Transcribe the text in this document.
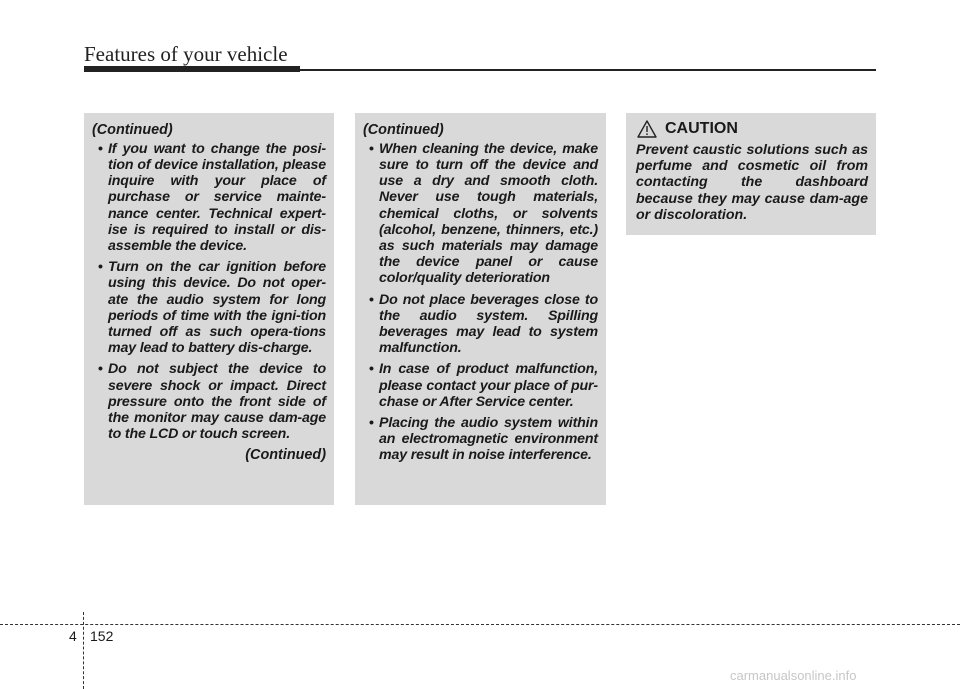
Features of your vehicle

(Continued)

• If you want to change the posi-tion of device installation, please inquire with your place of purchase or service mainte-nance center. Technical expert-ise is required to install or dis-assemble the device.
• Turn on the car ignition before using this device. Do not oper-ate the audio system for long periods of time with the igni-tion turned off as such opera-tions may lead to battery dis-charge.
• Do not subject the device to severe shock or impact. Direct pressure onto the front side of the monitor may cause dam-age to the LCD or touch screen.

(Continued)

(Continued)

• When cleaning the device, make sure to turn off the device and use a dry and smooth cloth. Never use tough materials, chemical cloths, or solvents (alcohol, benzene, thinners, etc.) as such materials may damage the device panel or cause color/quality deterioration
• Do not place beverages close to the audio system. Spilling beverages may lead to system malfunction.
• In case of product malfunction, please contact your place of pur-chase or After Service center.
• Placing the audio system within an electromagnetic environment may result in noise interference.
CAUTION

Prevent caustic solutions such as perfume and cosmetic oil from contacting the dashboard because they may cause dam-age or discoloration.

4 152
carmanualsonline.info
